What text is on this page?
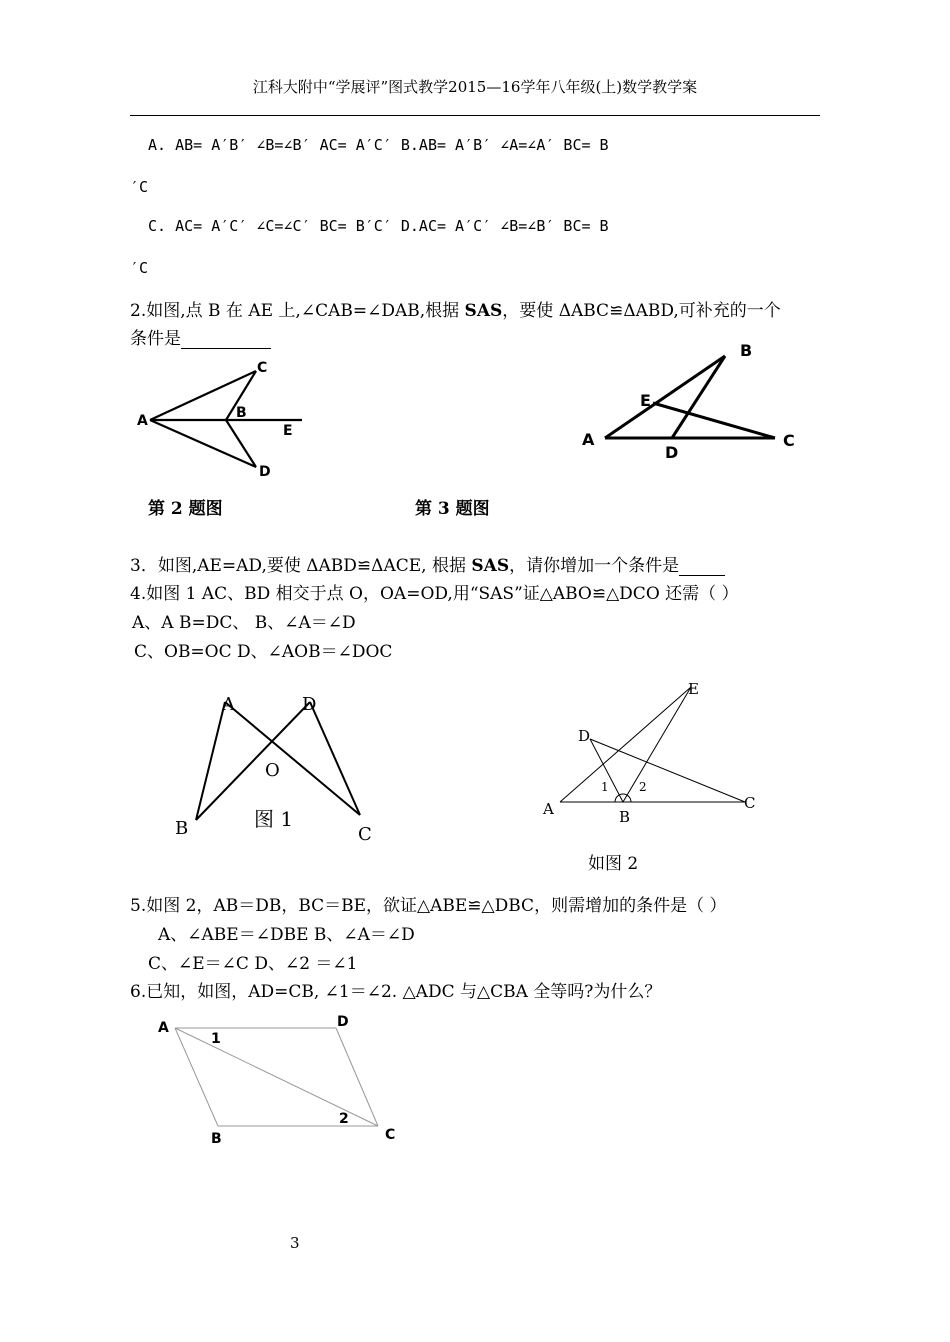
江科大附中“学展评”图式教学2015—16学年八年级(上)数学教学案
A. AB= A′B′ ∠B=∠B′ AC= A′C′ B.AB= A′B′ ∠A=∠A′ BC= B
′C
C. AC= A′C′ ∠C=∠C′ BC= B′C′ D.AC= A′C′ ∠B=∠B′ BC= B
′C
2.如图,点 B 在 AE 上,∠CAB=∠DAB,根据 SAS，要使 ΔABC≌ΔABD,可补充的一个
条件是
A	B
C
D
E	A
B
C
D
E
第 2 题图	第 3 题图
3．如图,AE=AD,要使 ΔABD≌ΔACE, 根据 SAS，请你增加一个条件是
4.如图 1 AC、BD 相交于点 O，OA=OD,用“SAS”证△ABO≌△DCO 还需（ ）
A、A B=DC、 B、∠A＝∠D
C、OB=OC D、∠AOB＝∠DOC
A	D
O
B	C
图 1
E
D
A	B
C
1	2
如图 2
5.如图 2，AB＝DB，BC＝BE，欲证△ABE≌△DBC，则需增加的条件是（ ）
A、∠ABE＝∠DBE B、∠A＝∠D
C、∠E＝∠C D、∠2 ＝∠1
6.已知，如图，AD=CB, ∠1＝∠2. △ADC 与△CBA 全等吗?为什么？
A	D
B	C
1
2
3
